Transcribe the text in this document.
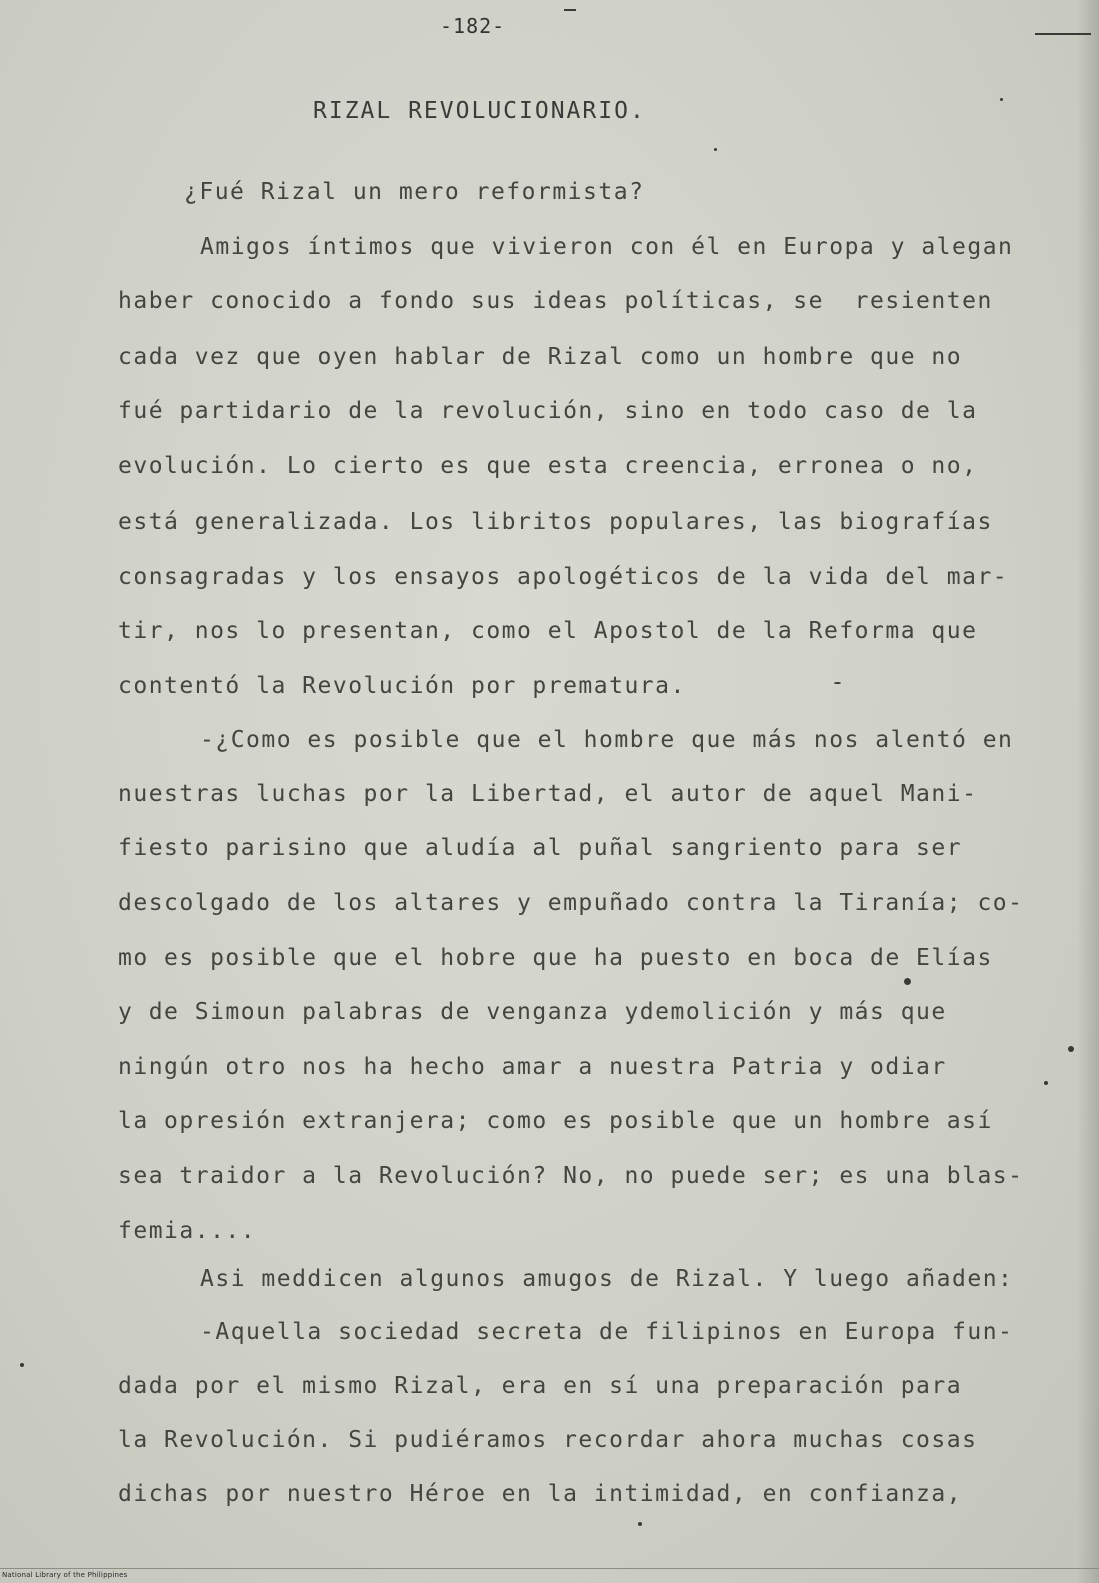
-182-
RIZAL REVOLUCIONARIO.
¿Fué Rizal un mero reformista?
Amigos íntimos que vivieron con él en Europa y alegan
haber conocido a fondo sus ideas políticas, se  resienten
cada vez que oyen hablar de Rizal como un hombre que no
fué partidario de la revolución, sino en todo caso de la
evolución. Lo cierto es que esta creencia, erronea o no,
está generalizada. Los libritos populares, las biografías
consagradas y los ensayos apologéticos de la vida del mar-
tir, nos lo presentan, como el Apostol de la Reforma que
contentó la Revolución por prematura.
-¿Como es posible que el hombre que más nos alentó en
nuestras luchas por la Libertad, el autor de aquel Mani-
fiesto parisino que aludía al puñal sangriento para ser
descolgado de los altares y empuñado contra la Tiranía; co-
mo es posible que el hobre que ha puesto en boca de Elías
y de Simoun palabras de venganza ydemolición y más que
ningún otro nos ha hecho amar a nuestra Patria y odiar
la opresión extranjera; como es posible que un hombre así
sea traidor a la Revolución? No, no puede ser; es una blas-
femia....
Asi meddicen algunos amugos de Rizal. Y luego añaden:
-Aquella sociedad secreta de filipinos en Europa fun-
dada por el mismo Rizal, era en sí una preparación para
la Revolución. Si pudiéramos recordar ahora muchas cosas
dichas por nuestro Héroe en la intimidad, en confianza,
National Library of the Philippines
